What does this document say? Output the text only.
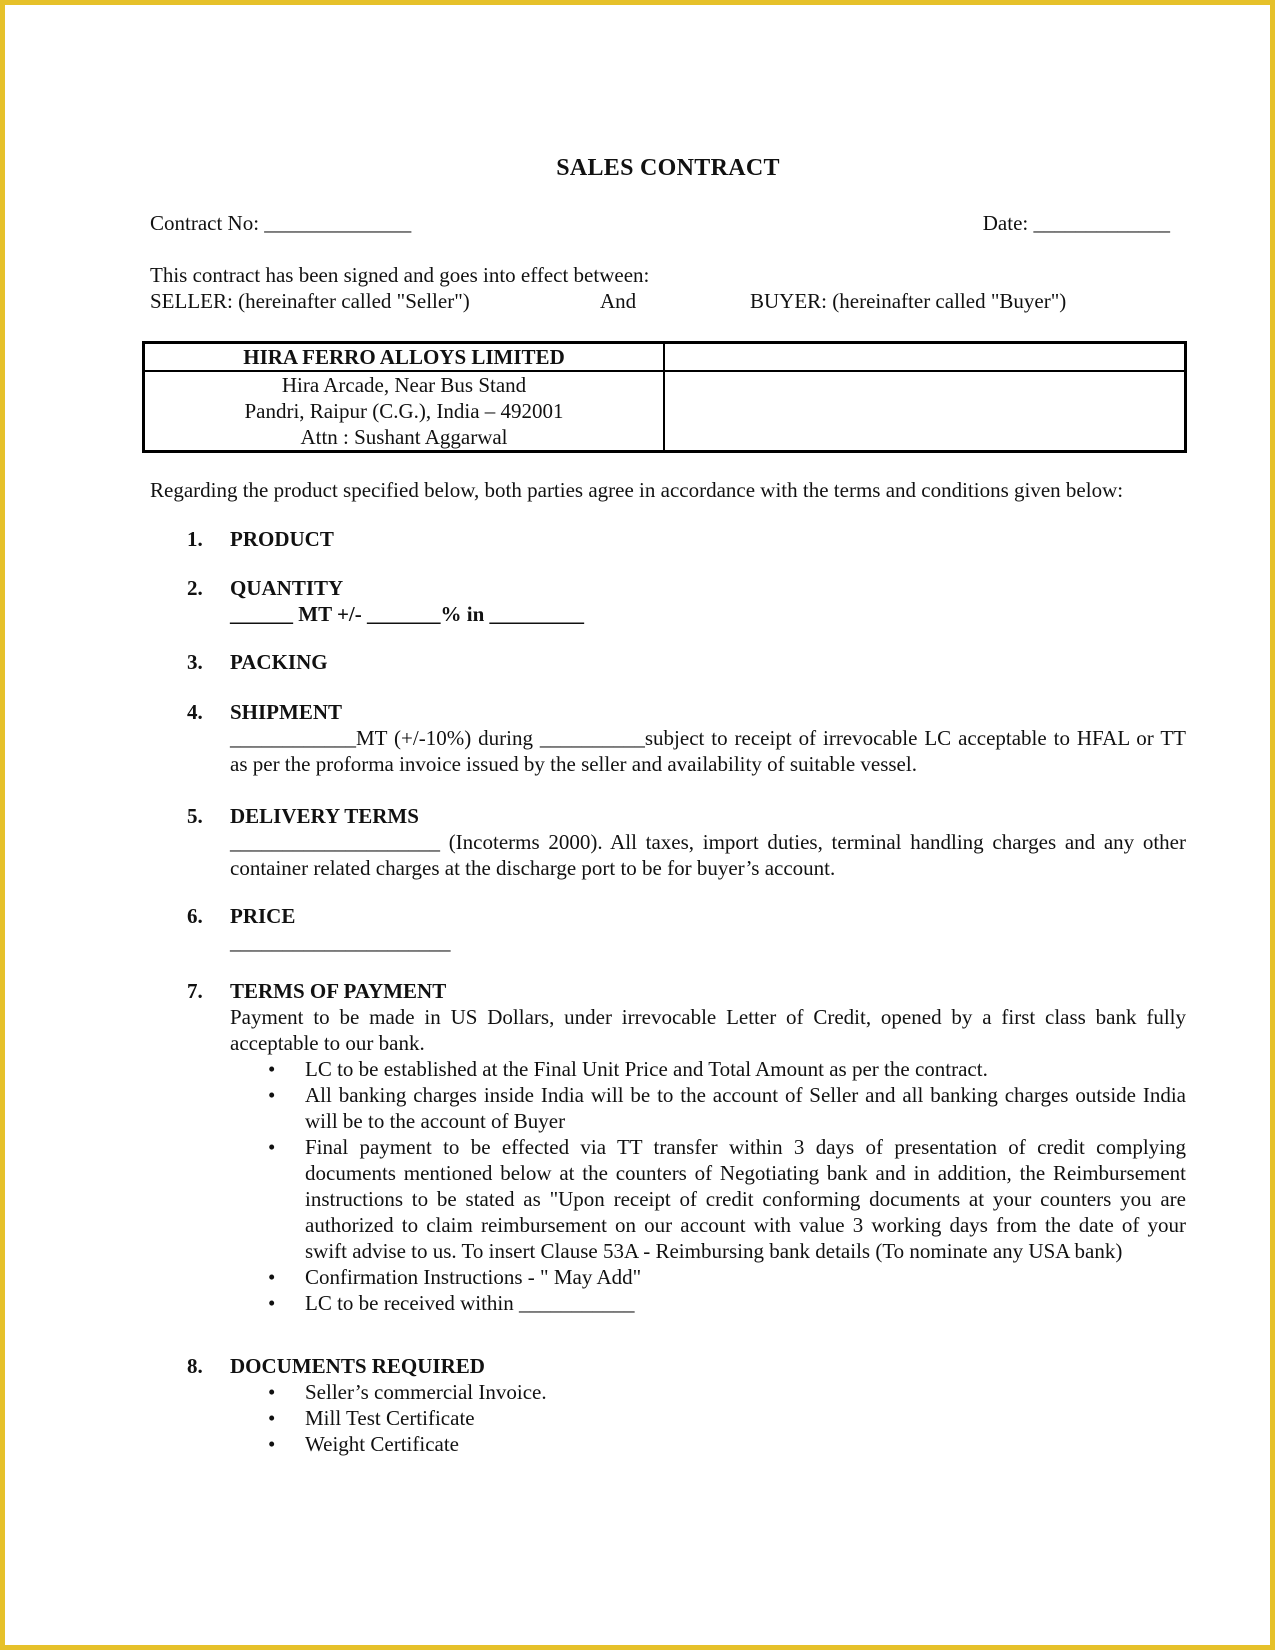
SALES CONTRACT
Contract No: ______________	Date: _____________
This contract has been signed and goes into effect between:
SELLER: (hereinafter called "Seller")	And	BUYER: (hereinafter called "Buyer")
HIRA FERRO ALLOYS LIMITED	

Hira Arcade, Near Bus Stand
Pandri, Raipur (C.G.), India – 492001
Attn : Sushant Aggarwal	

Regarding the product specified below, both parties agree in accordance with the terms and conditions given below:
1. PRODUCT
2. QUANTITY
______ MT +/- _______% in _________
3. PACKING
4. SHIPMENT
____________MT (+/-10%) during __________subject to receipt of irrevocable LC acceptable to HFAL or TT as per the proforma invoice issued by the seller and availability of suitable vessel.
5. DELIVERY TERMS
____________________ (Incoterms 2000). All taxes, import duties, terminal handling charges and any other container related charges at the discharge port to be for buyer’s account.
6. PRICE
_____________________
7. TERMS OF PAYMENT
Payment to be made in US Dollars, under irrevocable Letter of Credit, opened by a first class bank fully acceptable to our bank.
• LC to be established at the Final Unit Price and Total Amount as per the contract.
• All banking charges inside India will be to the account of Seller and all banking charges outside India will be to the account of Buyer
• Final payment to be effected via TT transfer within 3 days of presentation of credit complying documents mentioned below at the counters of Negotiating bank and in addition, the Reimbursement instructions to be stated as "Upon receipt of credit conforming documents at your counters you are authorized to claim reimbursement on our account with value 3 working days from the date of your swift advise to us. To insert Clause 53A - Reimbursing bank details (To nominate any USA bank)
• Confirmation Instructions - " May Add"
• LC to be received within ___________
8. DOCUMENTS REQUIRED
• Seller’s commercial Invoice.
• Mill Test Certificate
• Weight Certificate
